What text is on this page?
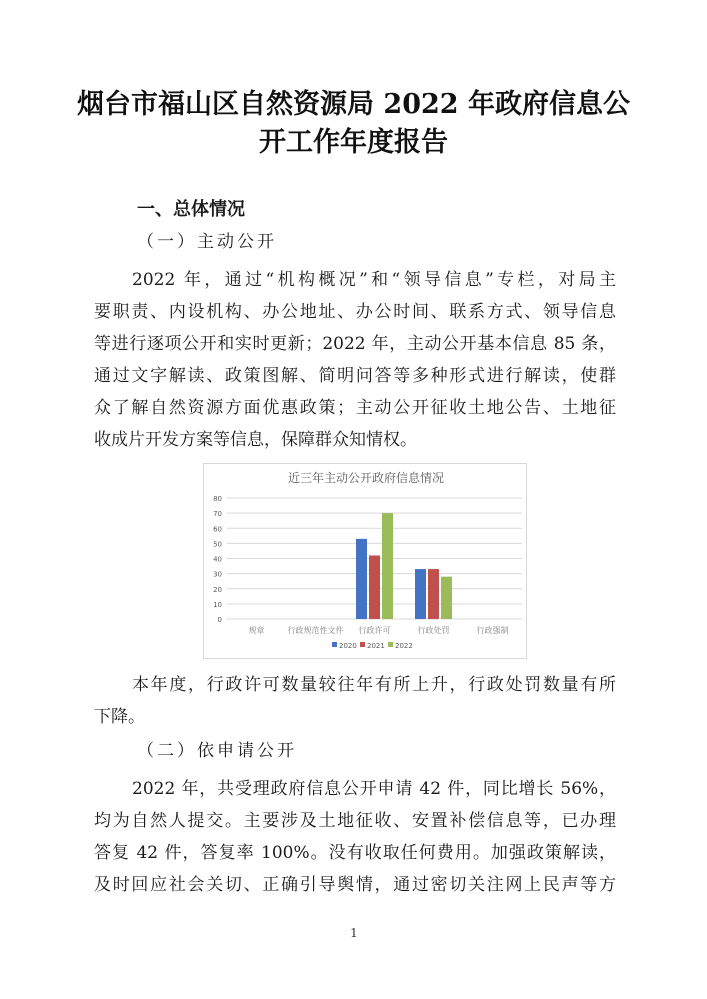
烟台市福山区自然资源局 2022 年政府信息公
开工作年度报告
一、总体情况
（一）主动公开
2022 年，通过“机构概况”和“领导信息”专栏，对局主
要职责、内设机构、办公地址、办公时间、联系方式、领导信息
等进行逐项公开和实时更新；2022 年，主动公开基本信息 85 条，
通过文字解读、政策图解、简明问答等多种形式进行解读，使群
众了解自然资源方面优惠政策；主动公开征收土地公告、土地征
收成片开发方案等信息，保障群众知情权。
近三年主动公开政府信息情况
0
10
20
30
40
50
60
70
80
规章	行政规范性文件 行政许可	行政处罚	行政强制
2020 2021 2022
本年度，行政许可数量较往年有所上升，行政处罚数量有所
下降。
（二）依申请公开
2022 年，共受理政府信息公开申请 42 件，同比增长 56%，
均为自然人提交。主要涉及土地征收、安置补偿信息等，已办理
答复 42 件，答复率 100%。没有收取任何费用。加强政策解读，
及时回应社会关切、正确引导舆情，通过密切关注网上民声等方
1
